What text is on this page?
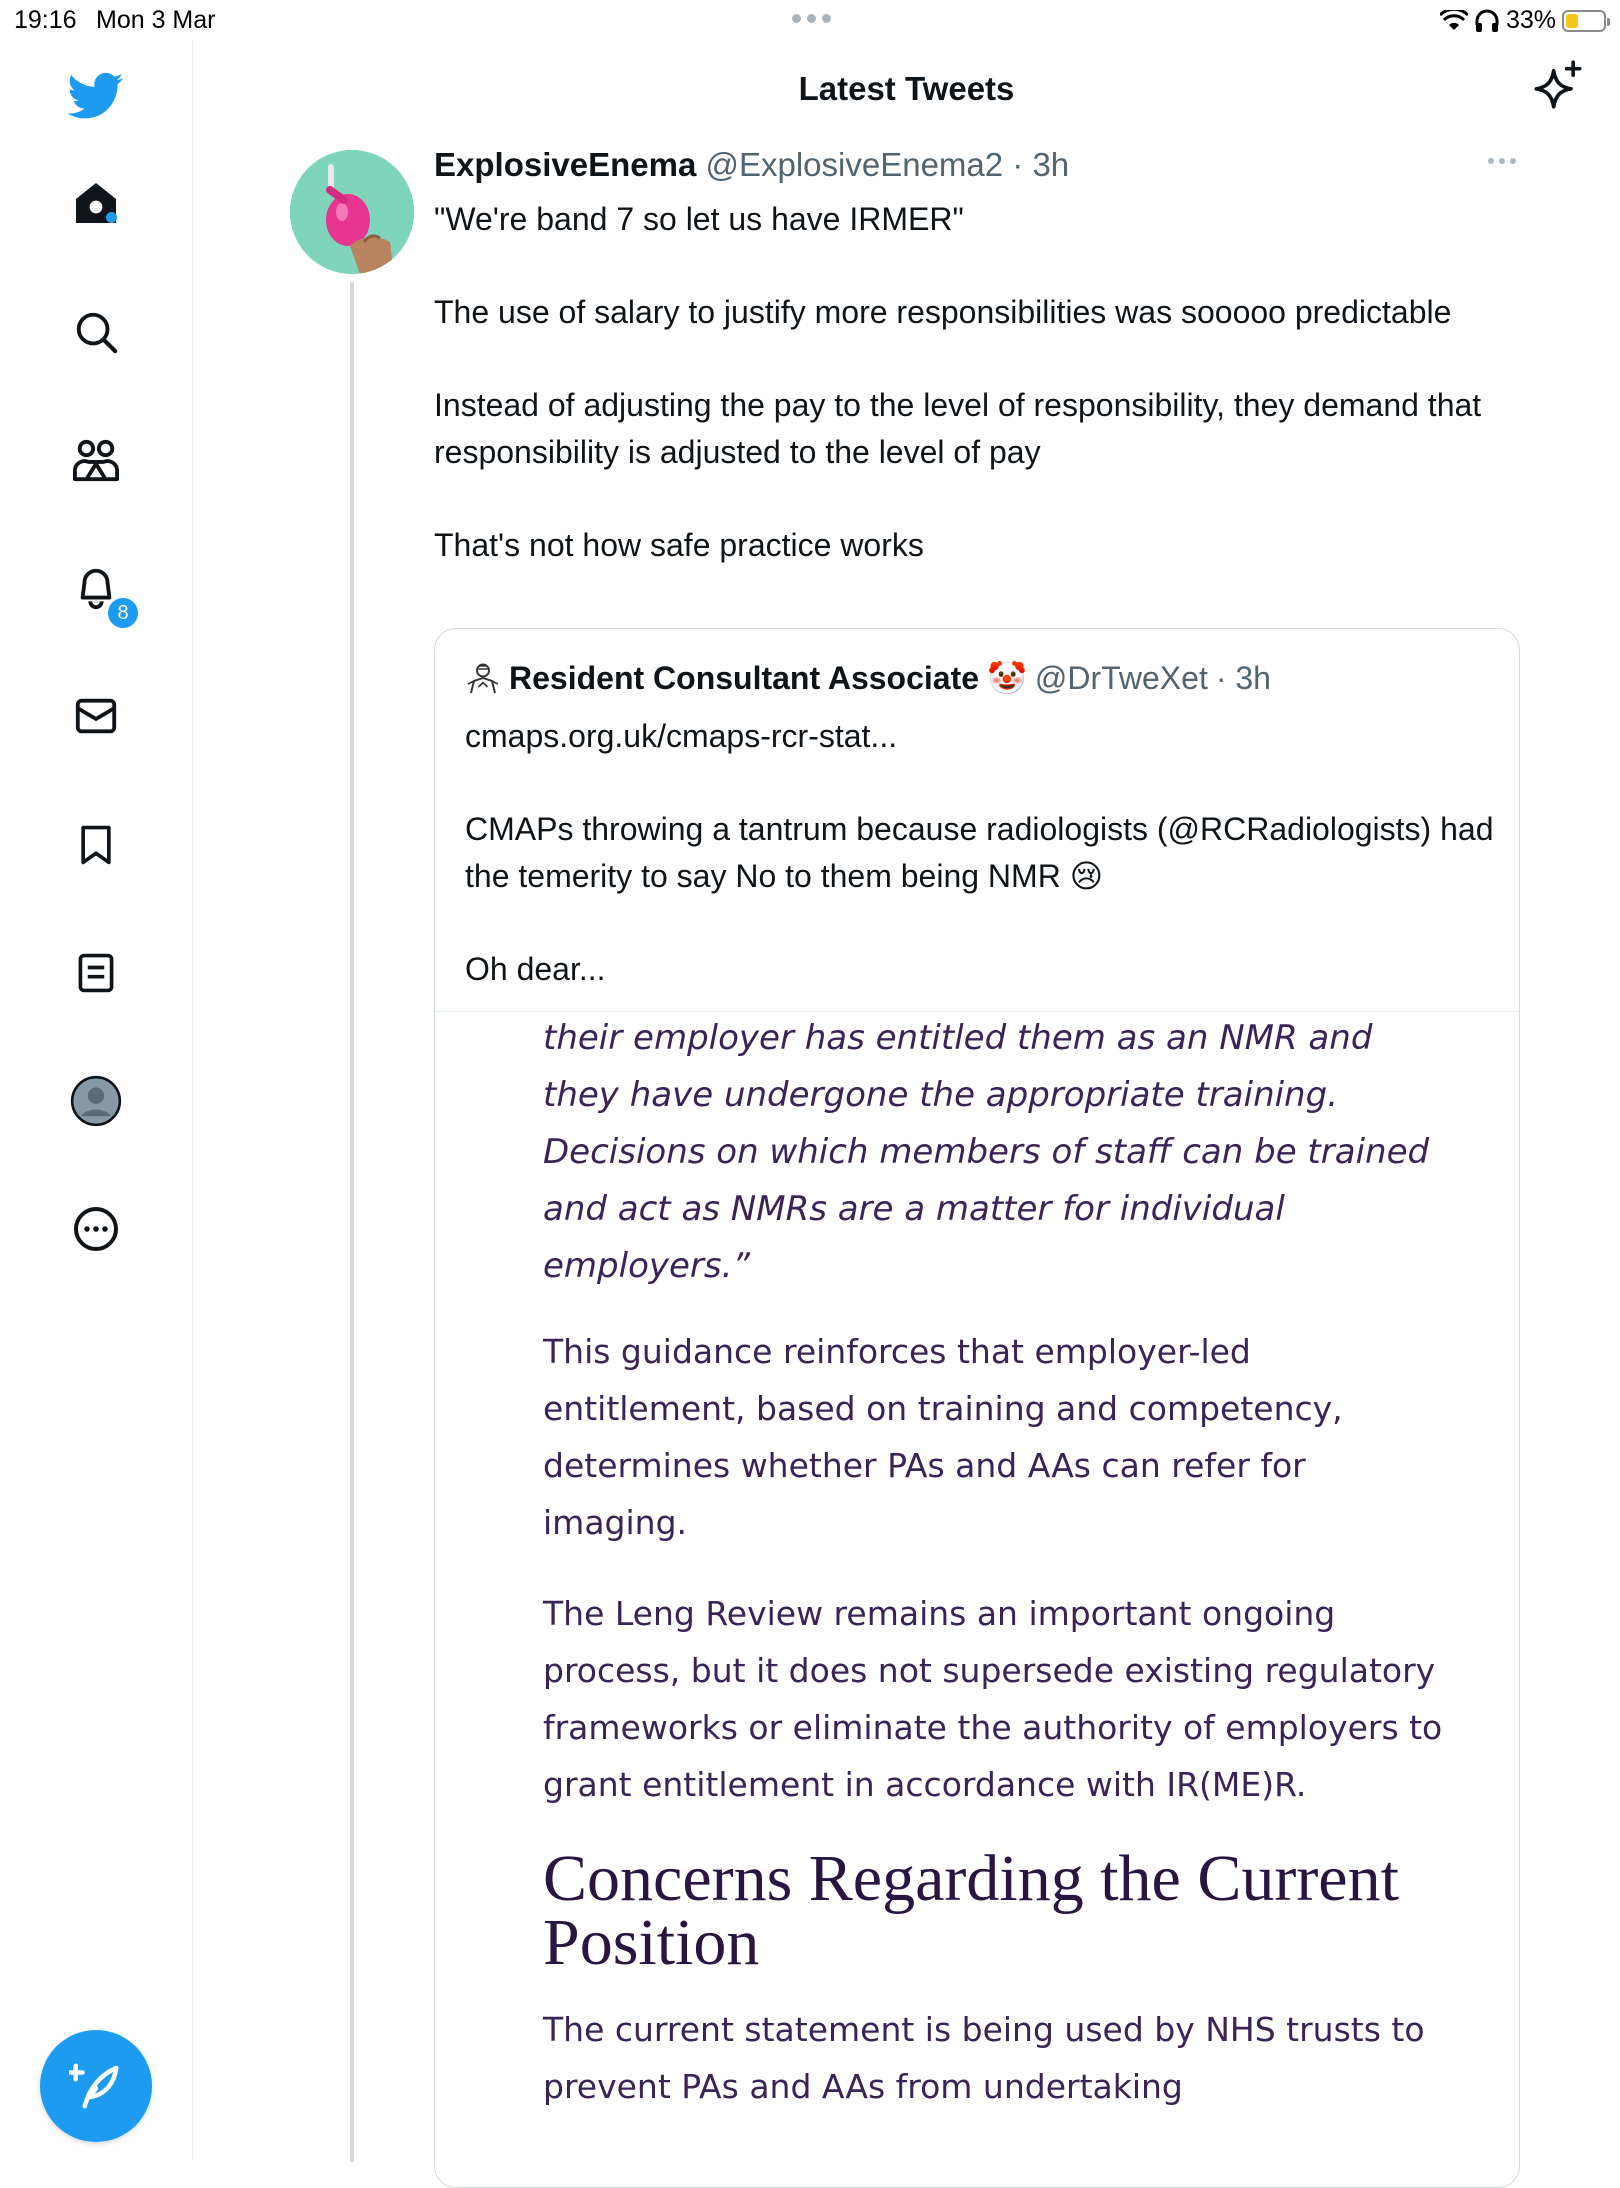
19:16 Mon 3 Mar	33%
8
Latest Tweets
ExplosiveEnema @ExplosiveEnema2 · 3h

"We're band 7 so let us have IRMER"

The use of salary to justify more responsibilities was sooooo predictable

Instead of adjusting the pay to the level of responsibility, they demand that responsibility is adjusted to the level of pay

That's not how safe practice works

Resident Consultant Associate 🤡 @DrTweXet · 3h

cmaps.org.uk/cmaps-rcr-stat...

CMAPs throwing a tantrum because radiologists (@RCRadiologists) had the temerity to say No to them being NMR 😢

Oh dear...

their employer has entitled them as an NMR and they have undergone the appropriate training. Decisions on which members of staff can be trained and act as NMRs are a matter for individual employers.”

This guidance reinforces that employer-led entitlement, based on training and competency, determines whether PAs and AAs can refer for imaging.

The Leng Review remains an important ongoing process, but it does not supersede existing regulatory frameworks or eliminate the authority of employers to grant entitlement in accordance with IR(ME)R.

Concerns Regarding the Current Position

The current statement is being used by NHS trusts to prevent PAs and AAs from undertaking
